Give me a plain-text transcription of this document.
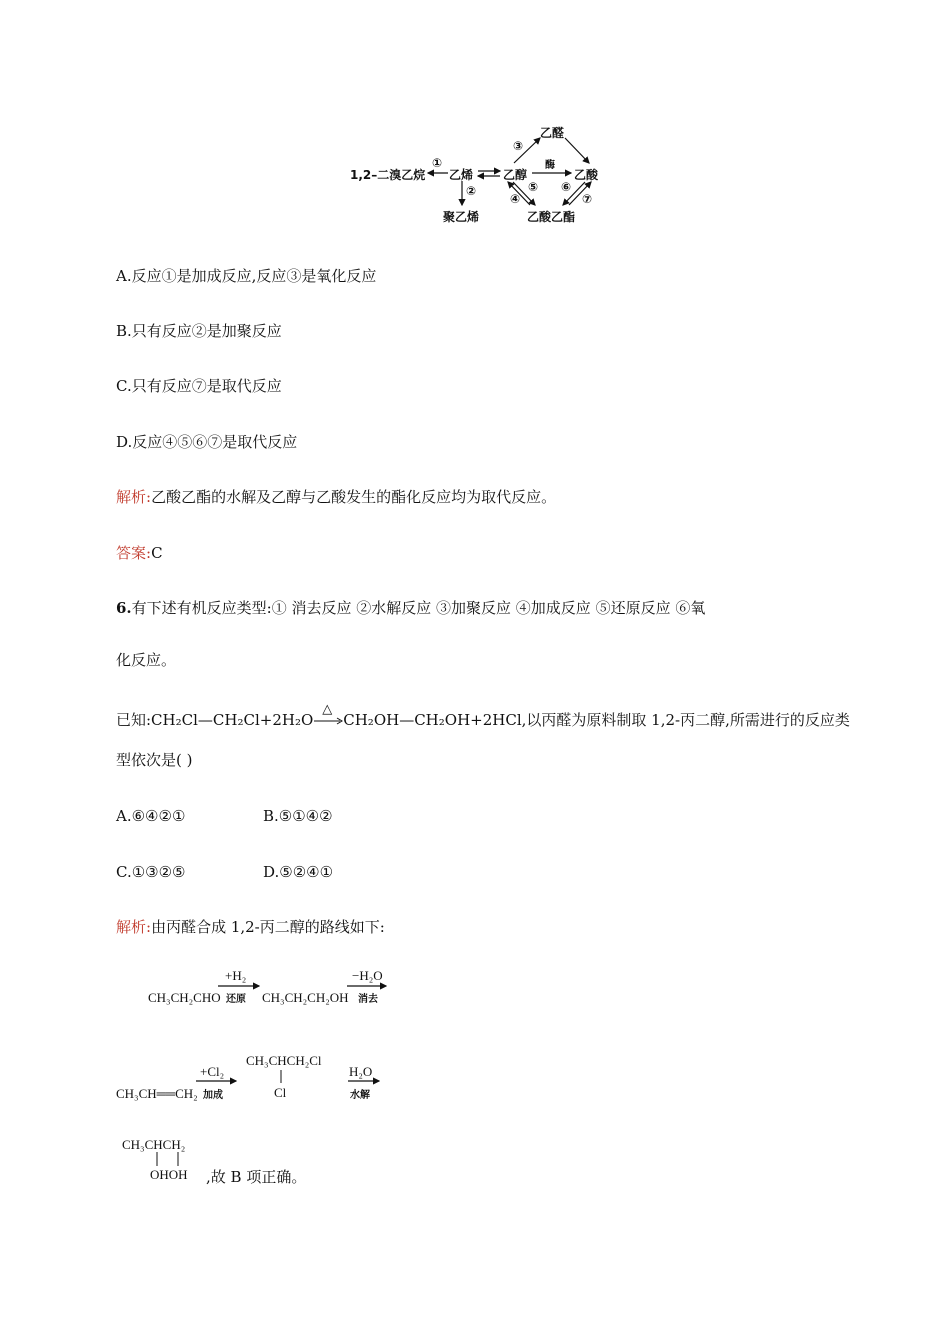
1,2–二溴乙烷 乙烯 乙醇
乙醛
乙酸
乙酸乙酯
聚乙烯
酶
①
②
③
④
⑤ ⑥
⑦
A.反应①是加成反应,反应③是氧化反应
B.只有反应②是加聚反应
C.只有反应⑦是取代反应
D.反应④⑤⑥⑦是取代反应
解析:乙酸乙酯的水解及乙醇与乙酸发生的酯化反应均为取代反应。
答案:C
6.有下述有机反应类型:① 消去反应 ②水解反应 ③加聚反应 ④加成反应 ⑤还原反应 ⑥氧
化反应。
已知:CH₂Cl—CH₂Cl+2H₂O
△
CH₂OH—CH₂OH+2HCl,以丙醛为原料制取 1,2-丙二醇,所需进行的反应类
型依次是( )
A.⑥④②①	B.⑤①④②
C.①③②⑤	D.⑤②④①
解析:由丙醛合成 1,2-丙二醇的路线如下:
CH₃CH₂CHO
+H₂
还原 CH₃CH₂CH₂OH
−H₂O
消去
CH₃CH══CH₂
+Cl₂
加成
CH₃CHCH₂Cl
Cl
H₂O
水解
CH₃CHCH₂
OHOH ,故 B 项正确。
